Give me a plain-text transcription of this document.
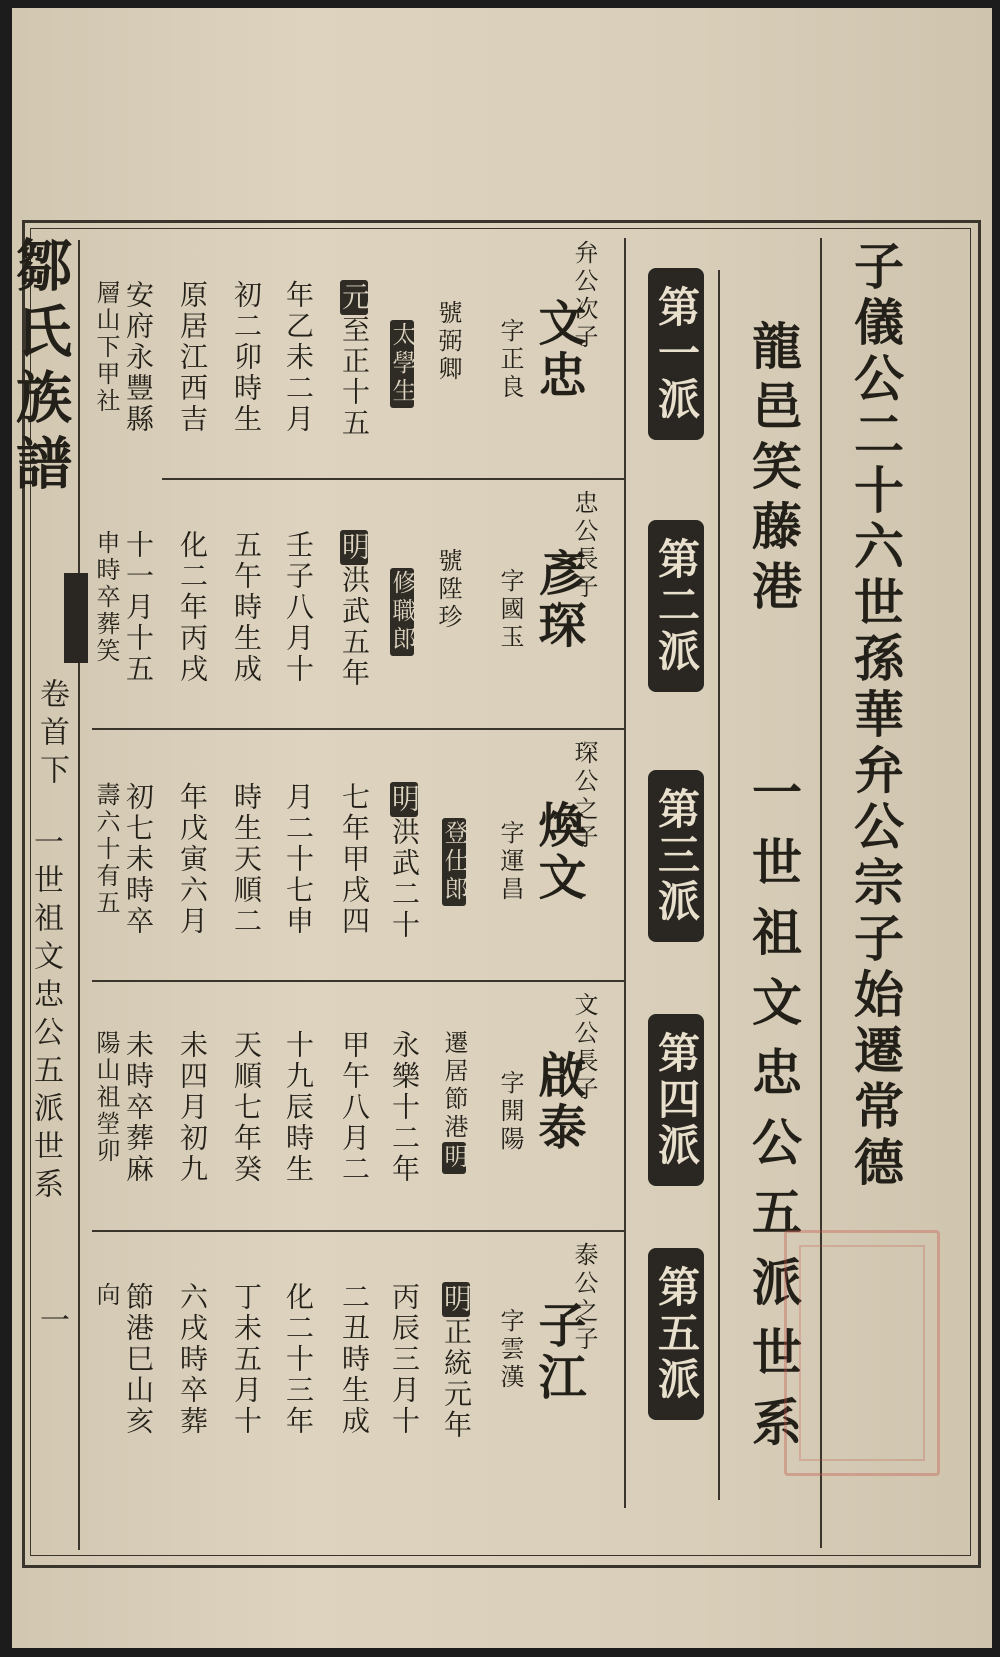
鄒氏族譜
卷首下
一世祖文忠公五派世系
一
子儀公二十六世孫華弁公宗子始遷常德
龍邑笑藤港
一世祖文忠公五派世系
第一派
第二派
第三派
第四派
第五派
弁公次子
文忠
字正良
號弼卿
太學生
元至正十五
年乙未二月
初二卯時生
原居江西吉
安府永豐縣
層山下甲社
忠公長子
彥琛
字國玉
號陞珍
修職郎
明洪武五年
壬子八月十
五午時生成
化二年丙戌
十一月十五
申時卒葬笑
琛公之子
煥文
字運昌
登仕郎
明洪武二十
七年甲戌四
月二十七申
時生天順二
年戊寅六月
初七未時卒
壽六十有五
文公長子
啟泰
字開陽
遷居節港明
永樂十二年
甲午八月二
十九辰時生
天順七年癸
未四月初九
未時卒葬麻
陽山祖塋卯
泰公之子
子江
字雲漢
明正統元年
丙辰三月十
二丑時生成
化二十三年
丁未五月十
六戌時卒葬
節港巳山亥
向
